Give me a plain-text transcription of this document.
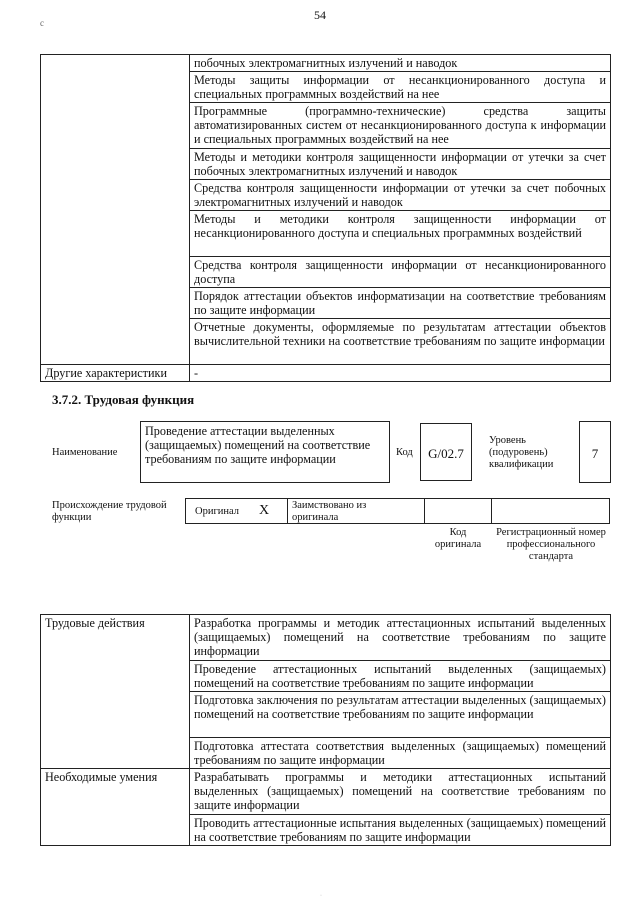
54
c
	побочных электромагнитных излучений и наводок
	Методы защиты информации от несанкционированного доступа и специальных программных воздействий на нее
	Программные (программно-технические) средства защиты автоматизированных систем от несанкционированного доступа к информации и специальных программных воздействий на нее
	Методы и методики контроля защищенности информации от утечки за счет побочных электромагнитных излучений и наводок
	Средства контроля защищенности информации от утечки за счет побочных электромагнитных излучений и наводок
	Методы и методики контроля защищенности информации от несанкционированного доступа и специальных программных воздействий
	Средства контроля защищенности информации от несанкционированного доступа
	Порядок аттестации объектов информатизации на соответствие требованиям по защите информации
	Отчетные документы, оформляемые по результатам аттестации объектов вычислительной техники на соответствие требованиям по защите информации
Другие характеристики	-
3.7.2. Трудовая функция
Наименование
Проведение аттестации выделенных (защищаемых) помещений на соответствие требованиям по защите информации	Код	G/02.7
Уровень (подуровень) квалификации
7
Происхождение трудовой функции
Оригинал X Заимствовано из оригинала
Код оригинала
Регистрационный номер профессионального стандарта
Трудовые действия	Разработка программы и методик аттестационных испытаний выделенных (защищаемых) помещений на соответствие требованиям по защите информации
	Проведение аттестационных испытаний выделенных (защищаемых) помещений на соответствие требованиям по защите информации
	Подготовка заключения по результатам аттестации выделенных (защищаемых) помещений на соответствие требованиям по защите информации
	Подготовка аттестата соответствия выделенных (защищаемых) помещений требованиям по защите информации
Необходимые умения	Разрабатывать программы и методики аттестационных испытаний выделенных (защищаемых) помещений на соответствие требованиям по защите информации
	Проводить аттестационные испытания выделенных (защищаемых) помещений на соответствие требованиям по защите информации
·
